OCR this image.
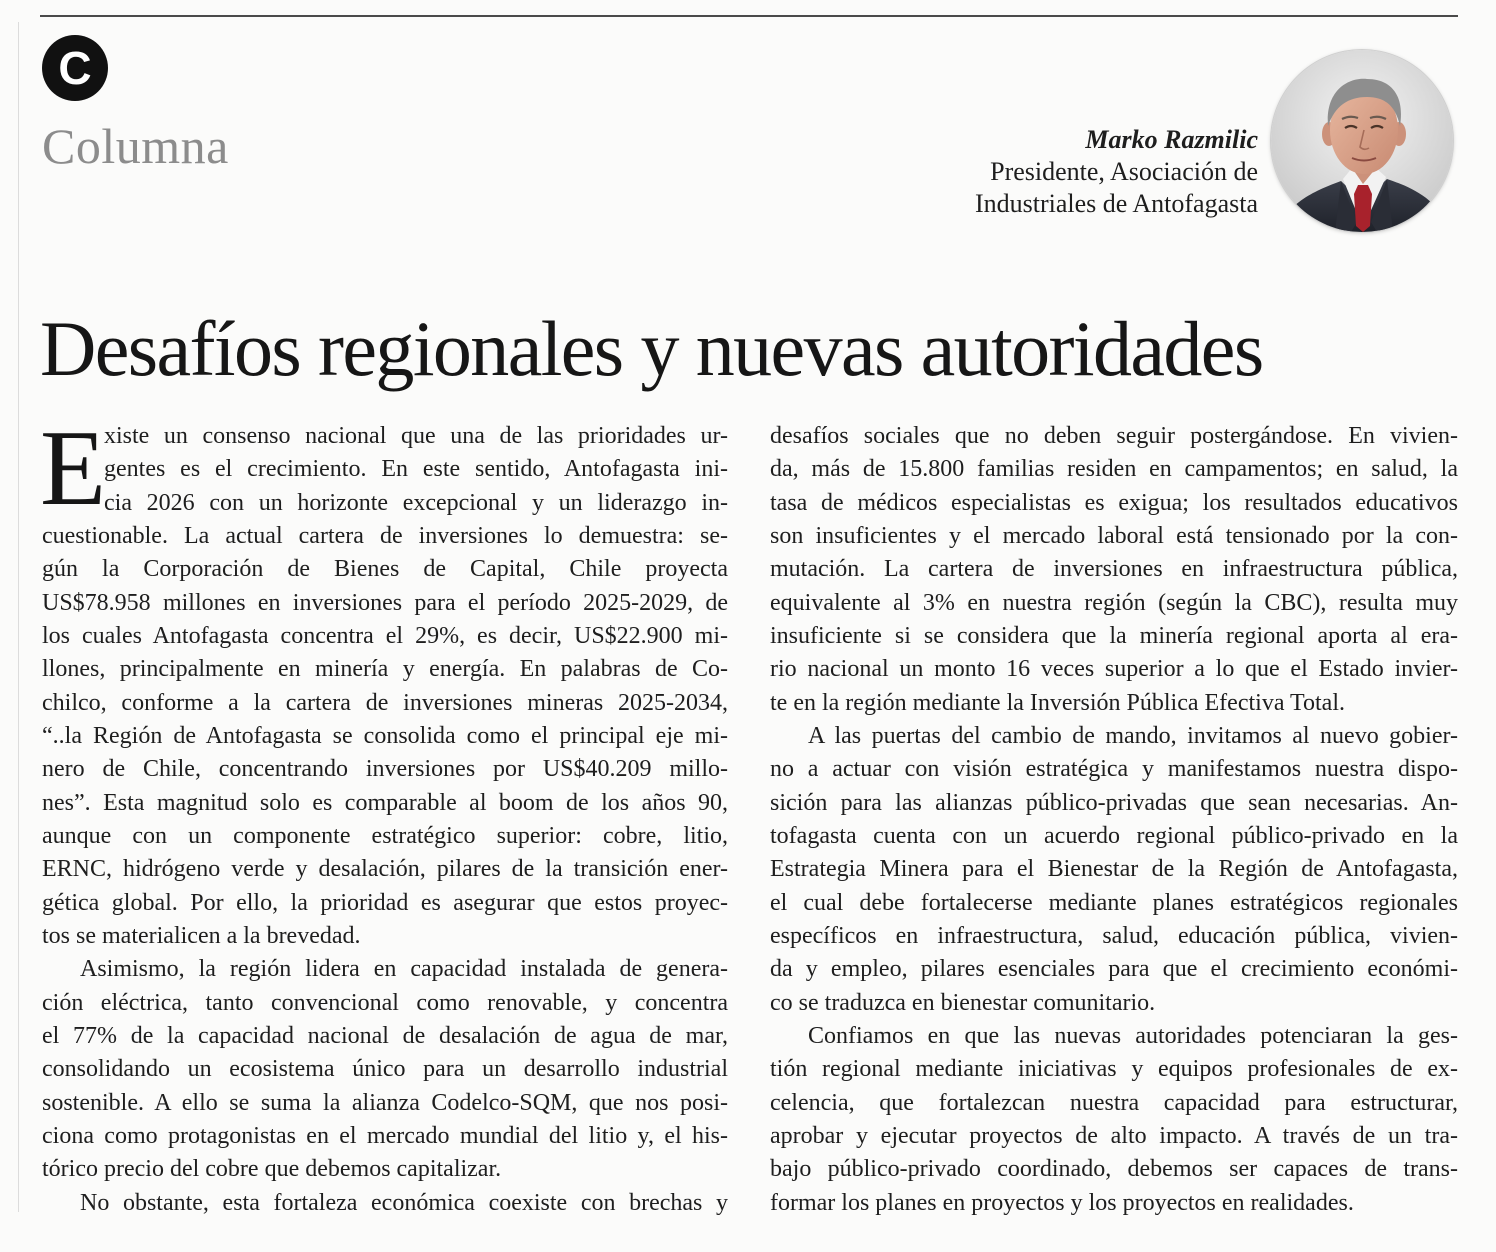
C
Columna	Marko Razmilic
Presidente, Asociación de
Industriales de Antofagasta
Desafíos regionales y nuevas autoridades
E
xiste un consenso nacional que una de las prioridades ur-
gentes es el crecimiento. En este sentido, Antofagasta ini-
cia 2026 con un horizonte excepcional y un liderazgo in-
cuestionable. La actual cartera de inversiones lo demuestra: se-
gún la Corporación de Bienes de Capital, Chile proyecta
US$78.958 millones en inversiones para el período 2025-2029, de
los cuales Antofagasta concentra el 29%, es decir, US$22.900 mi-
llones, principalmente en minería y energía. En palabras de Co-
chilco, conforme a la cartera de inversiones mineras 2025-2034,
“..la Región de Antofagasta se consolida como el principal eje mi-
nero de Chile, concentrando inversiones por US$40.209 millo-
nes”. Esta magnitud solo es comparable al boom de los años 90,
aunque con un componente estratégico superior: cobre, litio,
ERNC, hidrógeno verde y desalación, pilares de la transición ener-
gética global. Por ello, la prioridad es asegurar que estos proyec-
tos se materialicen a la brevedad.
Asimismo, la región lidera en capacidad instalada de genera-
ción eléctrica, tanto convencional como renovable, y concentra
el 77% de la capacidad nacional de desalación de agua de mar,
consolidando un ecosistema único para un desarrollo industrial
sostenible. A ello se suma la alianza Codelco-SQM, que nos posi-
ciona como protagonistas en el mercado mundial del litio y, el his-
tórico precio del cobre que debemos capitalizar.
No obstante, esta fortaleza económica coexiste con brechas y
desafíos sociales que no deben seguir postergándose. En vivien-
da, más de 15.800 familias residen en campamentos; en salud, la
tasa de médicos especialistas es exigua; los resultados educativos
son insuficientes y el mercado laboral está tensionado por la con-
mutación. La cartera de inversiones en infraestructura pública,
equivalente al 3% en nuestra región (según la CBC), resulta muy
insuficiente si se considera que la minería regional aporta al era-
rio nacional un monto 16 veces superior a lo que el Estado invier-
te en la región mediante la Inversión Pública Efectiva Total.
A las puertas del cambio de mando, invitamos al nuevo gobier-
no a actuar con visión estratégica y manifestamos nuestra dispo-
sición para las alianzas público-privadas que sean necesarias. An-
tofagasta cuenta con un acuerdo regional público-privado en la
Estrategia Minera para el Bienestar de la Región de Antofagasta,
el cual debe fortalecerse mediante planes estratégicos regionales
específicos en infraestructura, salud, educación pública, vivien-
da y empleo, pilares esenciales para que el crecimiento económi-
co se traduzca en bienestar comunitario.
Confiamos en que las nuevas autoridades potenciaran la ges-
tión regional mediante iniciativas y equipos profesionales de ex-
celencia, que fortalezcan nuestra capacidad para estructurar,
aprobar y ejecutar proyectos de alto impacto. A través de un tra-
bajo público-privado coordinado, debemos ser capaces de trans-
formar los planes en proyectos y los proyectos en realidades.
